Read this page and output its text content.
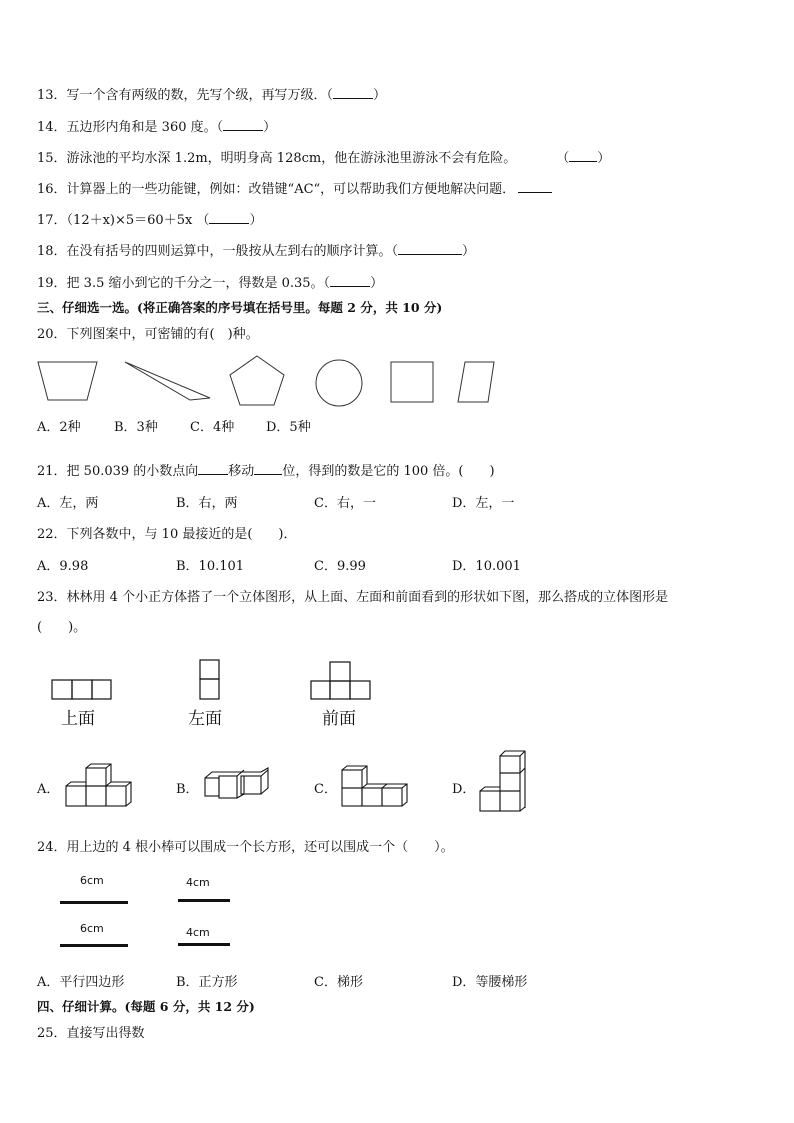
13．写一个含有两级的数，先写个级，再写万级．（	）
14．五边形内角和是 360 度。（	）
15．游泳池的平均水深 1.2m，明明身高 128cm，他在游泳池里游泳不会有危险。	（ ）
16．计算器上的一些功能键，例如：改错键“AC“，可以帮助我们方便地解决问题．
17．（12＋x)×5＝60＋5x （	）
18．在没有括号的四则运算中，一般按从左到右的顺序计算。（	）
19．把 3.5 缩小到它的千分之一，得数是 0.35。（	）
三、仔细选一选。(将正确答案的序号填在括号里。每题 2 分，共 10 分)
20．下列图案中，可密铺的有(　)种。
A．2种	B．3种 C．4种 D．5种
21．把 50.039 的小数点向 移动 位，得到的数是它的 100 倍。(　　)
A．左，两	B．右，两	C．右，一	D．左，一
22．下列各数中，与 10 最接近的是(　　)．
A．9.98	B．10.101	C．9.99	D．10.001
23．林林用 4 个小正方体搭了一个立体图形，从上面、左面和前面看到的形状如下图，那么搭成的立体图形是
(　　)。
上面	左面	前面
A．	B．	C．	D．
24．用上边的 4 根小棒可以围成一个长方形，还可以围成一个（　　）。
6cm
6cm
4cm
4cm
A．平行四边形	B．正方形	C．梯形	D．等腰梯形
四、仔细计算。(每题 6 分，共 12 分)
25．直接写出得数
